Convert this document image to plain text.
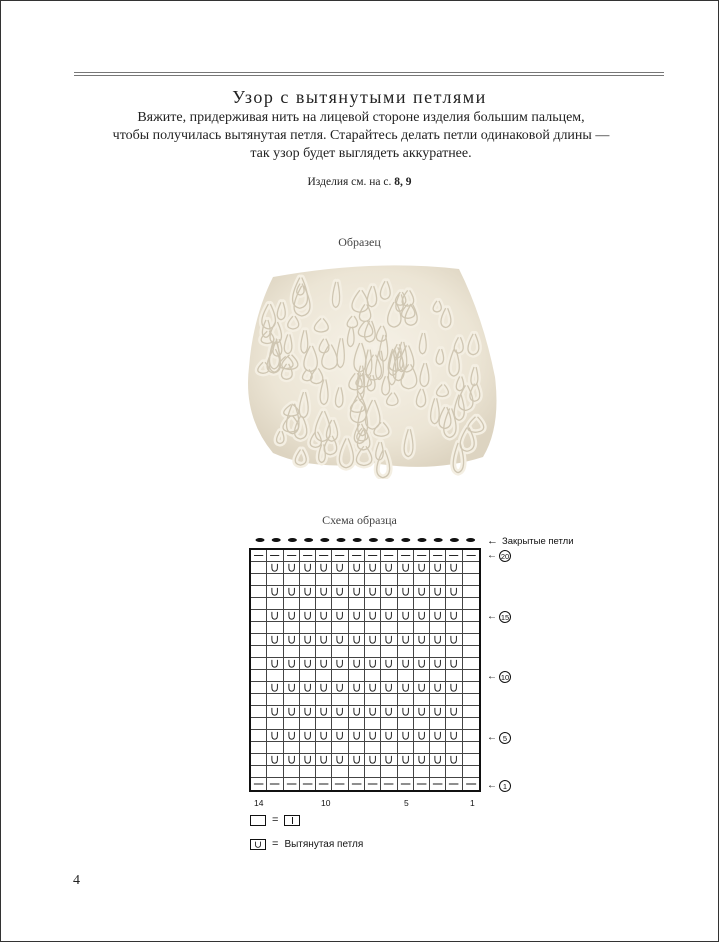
Узор с вытянутыми петлями
Вяжите, придерживая нить на лицевой стороне изделия большим пальцем,
чтобы получилась вытянутая петля. Старайтесь делать петли одинаковой длины —
так узор будет выглядеть аккуратнее.
Изделия см. на с. 8, 9
Образец
Схема образца
← Закрытые петли
← 20
← 15
← 10
← 5
← 1
14	10	5	1
=
= Вытянутая петля
4
